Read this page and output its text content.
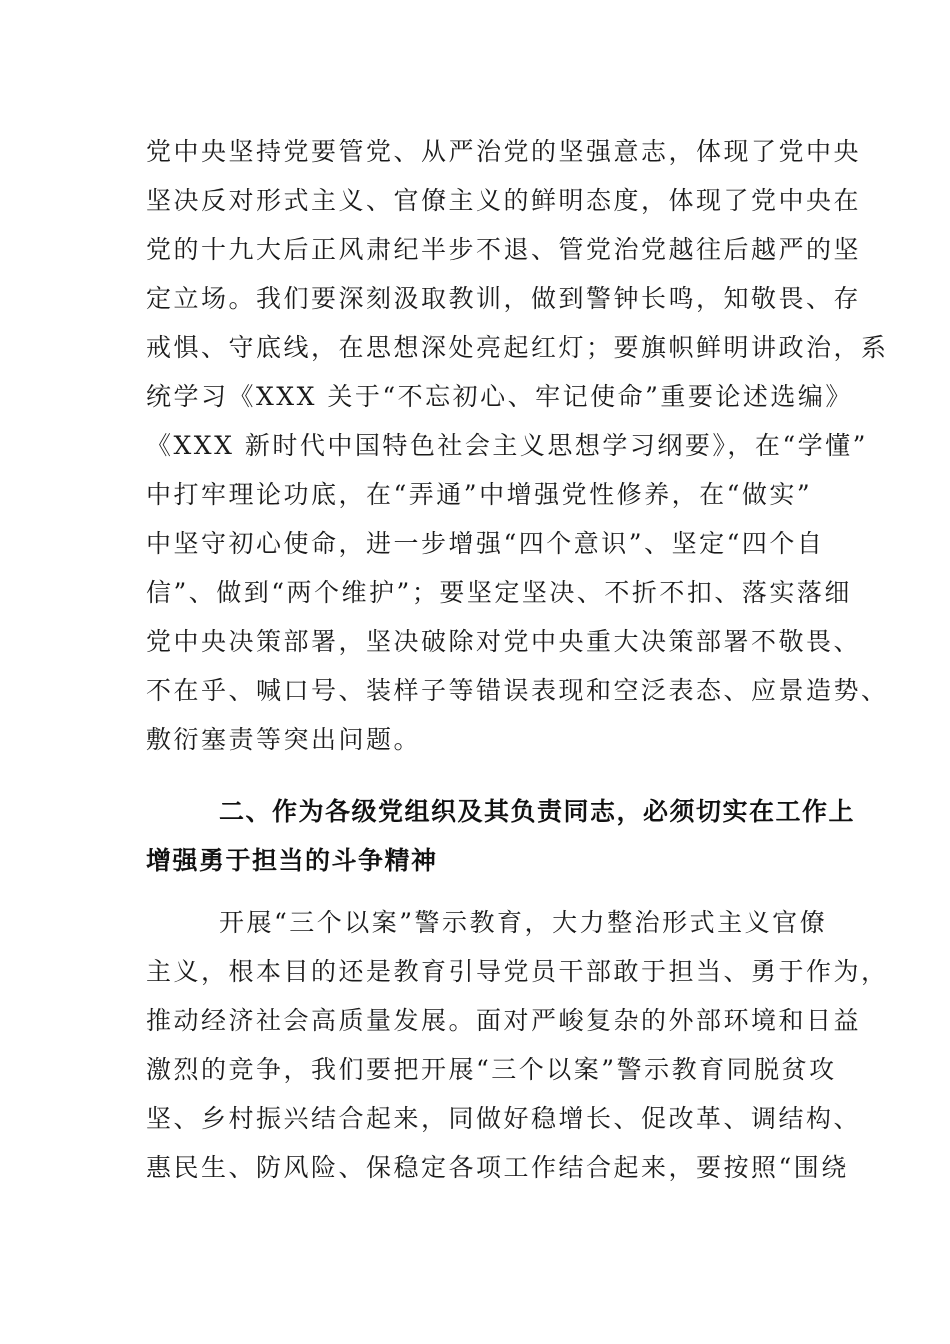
党中央坚持党要管党、从严治党的坚强意志，体现了党中央
坚决反对形式主义、官僚主义的鲜明态度，体现了党中央在
党的十九大后正风肃纪半步不退、管党治党越往后越严的坚
定立场。我们要深刻汲取教训，做到警钟长鸣，知敬畏、存
戒惧、守底线，在思想深处亮起红灯；要旗帜鲜明讲政治，系
统学习《XXX 关于“不忘初心、牢记使命”重要论述选编》
《XXX 新时代中国特色社会主义思想学习纲要》，在“学懂”
中打牢理论功底，在“弄通”中增强党性修养，在“做实”
中坚守初心使命，进一步增强“四个意识”、坚定“四个自
信”、做到“两个维护”；要坚定坚决、不折不扣、落实落细
党中央决策部署，坚决破除对党中央重大决策部署不敬畏、
不在乎、喊口号、装样子等错误表现和空泛表态、应景造势、
敷衍塞责等突出问题。
二、作为各级党组织及其负责同志，必须切实在工作上
增强勇于担当的斗争精神
开展“三个以案”警示教育，大力整治形式主义官僚
主义，根本目的还是教育引导党员干部敢于担当、勇于作为，
推动经济社会高质量发展。面对严峻复杂的外部环境和日益
激烈的竞争，我们要把开展“三个以案”警示教育同脱贫攻
坚、乡村振兴结合起来，同做好稳增长、促改革、调结构、
惠民生、防风险、保稳定各项工作结合起来，要按照“围绕
